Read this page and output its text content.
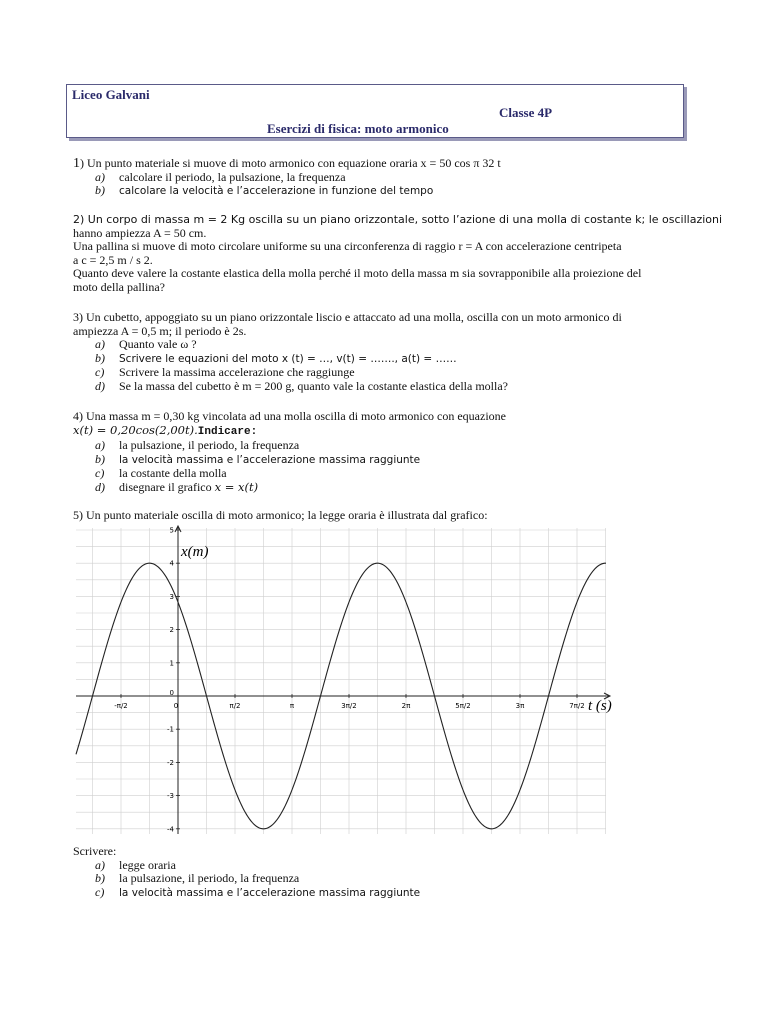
Liceo Galvani
Classe 4P
Esercizi di fisica: moto armonico
1) Un punto materiale si muove di moto armonico con equazione oraria x = 50 cos π 32 t
a) calcolare il periodo, la pulsazione, la frequenza
b) calcolare la velocità e l’accelerazione in funzione del tempo
2) Un corpo di massa m = 2 Kg oscilla su un piano orizzontale, sotto l’azione di una molla di costante k; le oscillazioni
hanno ampiezza A = 50 cm.
Una pallina si muove di moto circolare uniforme su una circonferenza di raggio r = A con accelerazione centripeta
a c = 2,5 m / s 2.
Quanto deve valere la costante elastica della molla perché il moto della massa m sia sovrapponibile alla proiezione del
moto della pallina?
3) Un cubetto, appoggiato su un piano orizzontale liscio e attaccato ad una molla, oscilla con un moto armonico di
ampiezza A = 0,5 m; il periodo è 2s.
a) Quanto vale ω ?
b) Scrivere le equazioni del moto x (t) = …, v(t) = ……., a(t) = ……
c) Scrivere la massima accelerazione che raggiunge
d) Se la massa del cubetto è m = 200 g, quanto vale la costante elastica della molla?
4) Una massa m = 0,30 kg vincolata ad una molla oscilla di moto armonico con equazione
x(t) = 0,20cos(2,00t).Indicare:
a) la pulsazione, il periodo, la frequenza
b) la velocità massima e l’accelerazione massima raggiunte
c) la costante della molla
d) disegnare il grafico x = x(t)
5) Un punto materiale oscilla di moto armonico; la legge oraria è illustrata dal grafico:
-π/2	0	π/2	π	3π/2	2π	5π/2	3π	7π/2
5
4
3
2
1
-1
-2
-3
-4
0
x(m)
t (s)
Scrivere:
a) legge oraria
b) la pulsazione, il periodo, la frequenza
c) la velocità massima e l’accelerazione massima raggiunte
